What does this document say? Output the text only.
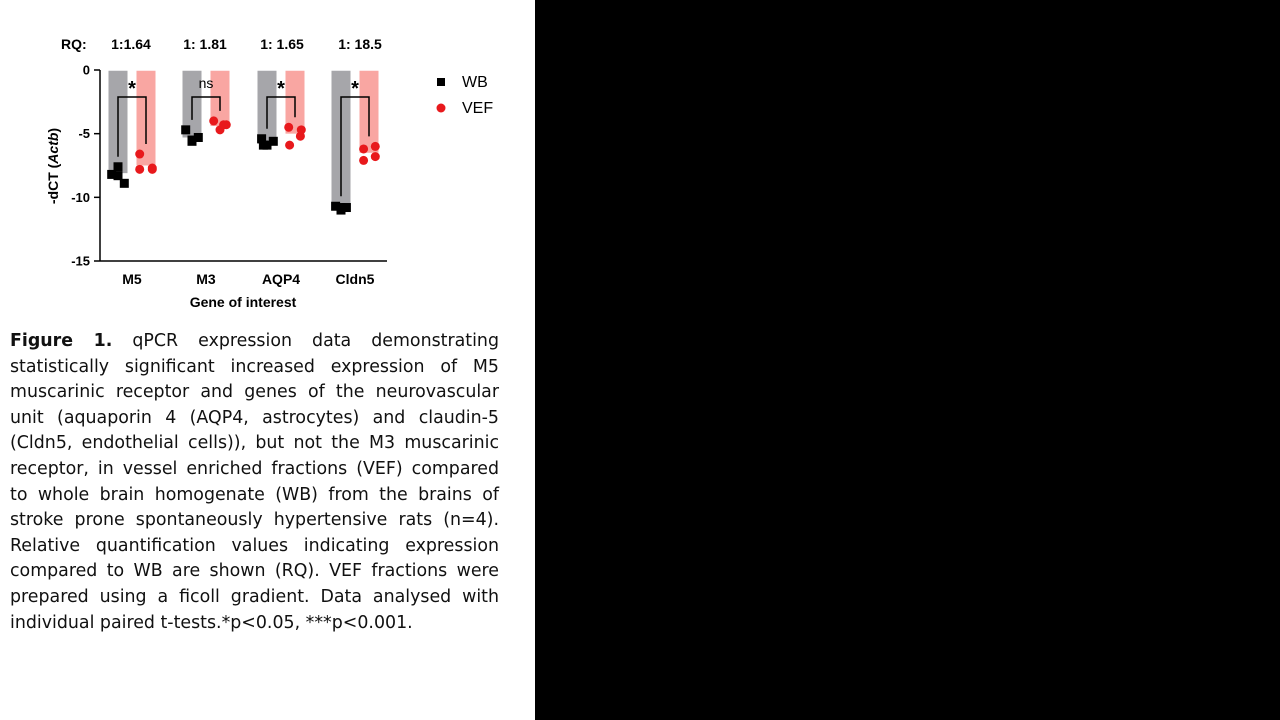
0
-5
-10
-15
-dCT (Actb)
Gene of interest
RQ: 1:1.64 1: 1.81 1: 1.65 1: 18.5
*
M5
ns
M3
*
AQP4
*
Cldn5
WB
VEF

Figure 1. qPCR expression data demonstrating statistically significant increased expression of M5 muscarinic receptor and genes of the neurovascular unit (aquaporin 4 (AQP4, astrocytes) and claudin-5 (Cldn5, endothelial cells)), but not the M3 muscarinic receptor, in vessel enriched fractions (VEF) compared to whole brain homogenate (WB) from the brains of stroke prone spontaneously hypertensive rats (n=4). Relative quantification values indicating expression compared to WB are shown (RQ). VEF fractions were prepared using a ficoll gradient. Data analysed with individual paired t-tests.*p<0.05, ***p<0.001.
